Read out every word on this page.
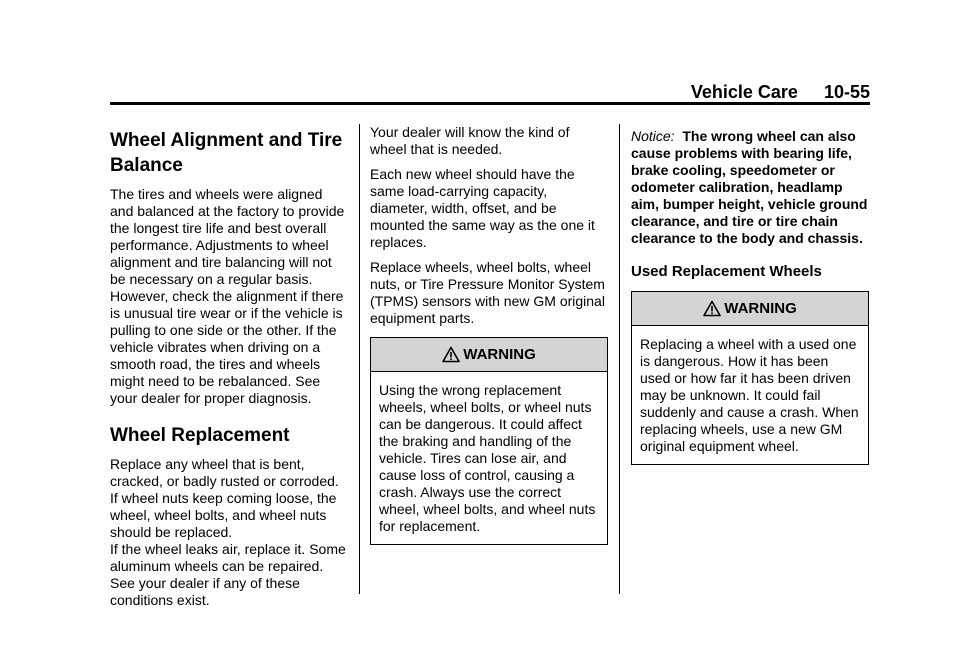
Vehicle Care 10-55
Wheel Alignment and Tire Balance

The tires and wheels were aligned and balanced at the factory to provide the longest tire life and best overall performance. Adjustments to wheel alignment and tire balancing will not be necessary on a regular basis. However, check the alignment if there is unusual tire wear or if the vehicle is pulling to one side or the other. If the vehicle vibrates when driving on a smooth road, the tires and wheels might need to be rebalanced. See your dealer for proper diagnosis.

Wheel Replacement

Replace any wheel that is bent, cracked, or badly rusted or corroded. If wheel nuts keep coming loose, the wheel, wheel bolts, and wheel nuts should be replaced.

If the wheel leaks air, replace it. Some aluminum wheels can be repaired. See your dealer if any of these conditions exist.

Your dealer will know the kind of wheel that is needed.

Each new wheel should have the same load-carrying capacity, diameter, width, offset, and be mounted the same way as the one it replaces.

Replace wheels, wheel bolts, wheel nuts, or Tire Pressure Monitor System (TPMS) sensors with new GM original equipment parts.

WARNING

Using the wrong replacement wheels, wheel bolts, or wheel nuts can be dangerous. It could affect the braking and handling of the vehicle. Tires can lose air, and cause loss of control, causing a crash. Always use the correct wheel, wheel bolts, and wheel nuts for replacement.

Notice: The wrong wheel can also cause problems with bearing life, brake cooling, speedometer or odometer calibration, headlamp aim, bumper height, vehicle ground clearance, and tire or tire chain clearance to the body and chassis.

Used Replacement Wheels
WARNING

Replacing a wheel with a used one is dangerous. How it has been used or how far it has been driven may be unknown. It could fail suddenly and cause a crash. When replacing wheels, use a new GM original equipment wheel.
